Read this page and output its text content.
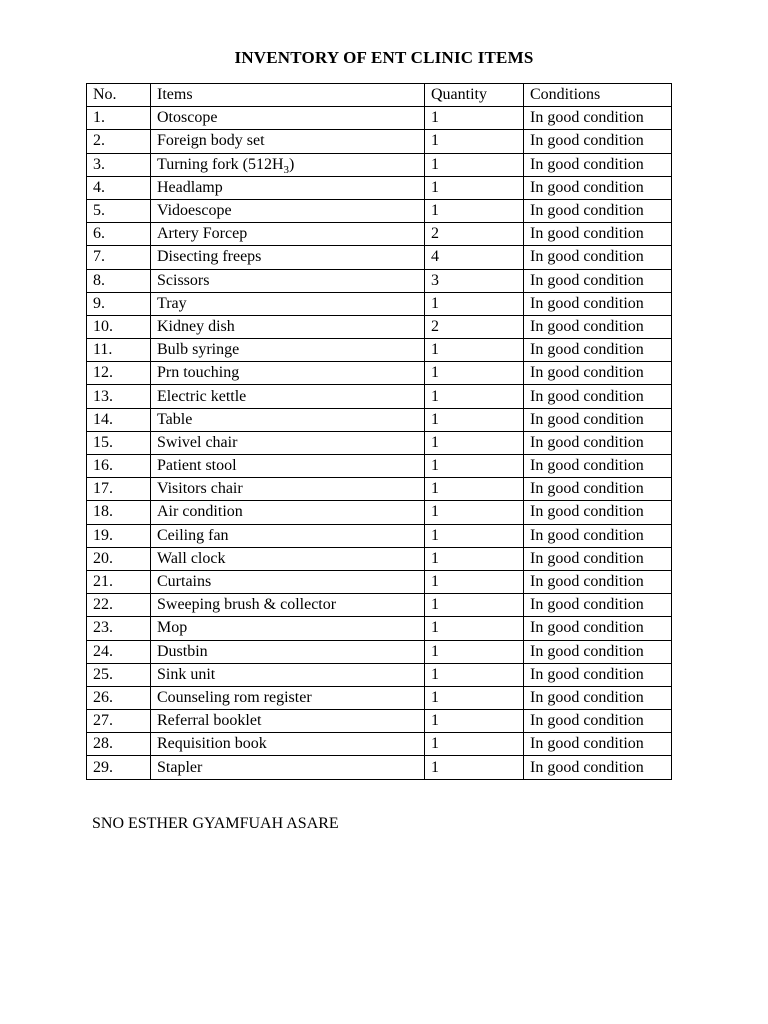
INVENTORY OF ENT CLINIC ITEMS
No.	Items	Quantity	Conditions
1.	Otoscope	1	In good condition
2.	Foreign body set	1	In good condition
3.	Turning fork $(512H_3)$	1	In good condition
4.	Headlamp	1	In good condition
5.	Vidoescope	1	In good condition
6.	Artery Forcep	2	In good condition
7.	Disecting freeps	4	In good condition
8.	Scissors	3	In good condition
9.	Tray	1	In good condition
10.	Kidney dish	2	In good condition
11.	Bulb syringe	1	In good condition
12.	Prn touching	1	In good condition
13.	Electric kettle	1	In good condition
14.	Table	1	In good condition
15.	Swivel chair	1	In good condition
16.	Patient stool	1	In good condition
17.	Visitors chair	1	In good condition
18.	Air condition	1	In good condition
19.	Ceiling fan	1	In good condition
20.	Wall clock	1	In good condition
21.	Curtains	1	In good condition
22.	Sweeping brush & collector	1	In good condition
23.	Mop	1	In good condition
24.	Dustbin	1	In good condition
25.	Sink unit	1	In good condition
26.	Counseling rom register	1	In good condition
27.	Referral booklet	1	In good condition
28.	Requisition book	1	In good condition
29.	Stapler	1	In good condition
SNO ESTHER GYAMFUAH ASARE
